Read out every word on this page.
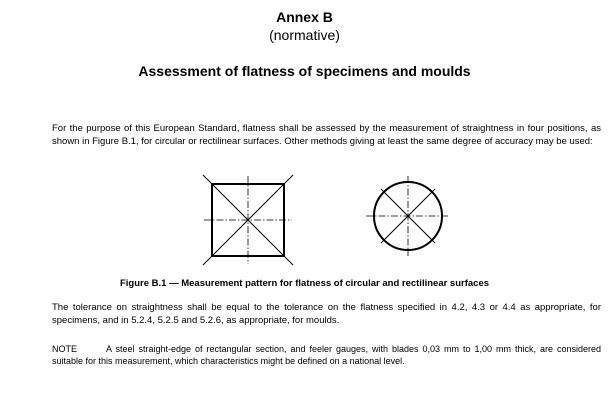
Annex B
(normative)
Assessment of flatness of specimens and moulds
For the purpose of this European Standard, flatness shall be assessed by the measurement of straightness in four positions, as shown in Figure B.1, for circular or rectilinear surfaces. Other methods giving at least the same degree of accuracy may be used:
Figure B.1 — Measurement pattern for flatness of circular and rectilinear surfaces
The tolerance on straightness shall be equal to the tolerance on the flatness specified in 4.2, 4.3 or 4.4 as appropriate, for specimens, and in 5.2.4, 5.2.5 and 5.2.6, as appropriate, for moulds.
NOTE	A steel straight-edge of rectangular section, and feeler gauges, with blades 0,03 mm to 1,00 mm thick, are considered suitable for this measurement, which characteristics might be defined on a national level.
